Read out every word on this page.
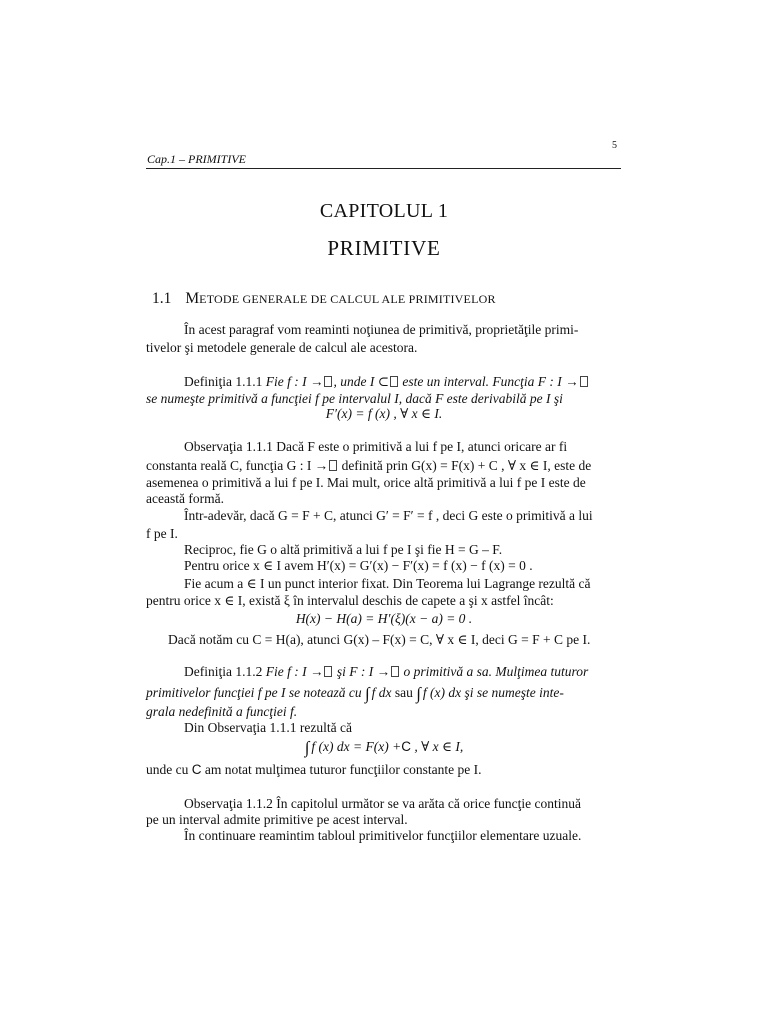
5
Cap.1 – PRIMITIVE
CAPITOLUL 1
PRIMITIVE
1.1 METODE GENERALE DE CALCUL ALE PRIMITIVELOR
În acest paragraf vom reaminti noţiunea de primitivă, proprietăţile primi-
tivelor şi metodele generale de calcul ale acestora.
Definiţia 1.1.1 Fie f : I → , unde I ⊂ este un interval. Funcţia F : I →
se numeşte primitivă a funcţiei f pe intervalul I, dacă F este derivabilă pe I şi
F′(x) = f (x) , ∀ x ∈ I.
Observaţia 1.1.1 Dacă F este o primitivă a lui f pe I, atunci oricare ar fi
constanta reală C, funcţia G : I → definită prin G(x) = F(x) + C , ∀ x ∈ I, este de
asemenea o primitivă a lui f pe I. Mai mult, orice altă primitivă a lui f pe I este de
această formă.
Într-adevăr, dacă G = F + C, atunci G′ = F′ = f , deci G este o primitivă a lui
f pe I.
Reciproc, fie G o altă primitivă a lui f pe I şi fie H = G – F.
Pentru orice x ∈ I avem H′(x) = G′(x) − F′(x) = f (x) − f (x) = 0 .
Fie acum a ∈ I un punct interior fixat. Din Teorema lui Lagrange rezultă că
pentru orice x ∈ I, există ξ în intervalul deschis de capete a şi x astfel încât:
H(x) − H(a) = H′(ξ)(x − a) = 0 .
Dacă notăm cu C = H(a), atunci G(x) – F(x) = C, ∀ x ∈ I, deci G = F + C pe I.
Definiţia 1.1.2 Fie f : I → şi F : I → o primitivă a sa. Mulţimea tuturor
primitivelor funcţiei f pe I se notează cu ∫ f dx sau ∫ f (x) dx şi se numeşte inte-
grala nedefinită a funcţiei f.
Din Observaţia 1.1.1 rezultă că
∫ f (x) dx = F(x) +C , ∀ x ∈ I,
unde cu C am notat mulţimea tuturor funcţiilor constante pe I.
Observaţia 1.1.2 În capitolul următor se va arăta că orice funcţie continuă
pe un interval admite primitive pe acest interval.
În continuare reamintim tabloul primitivelor funcţiilor elementare uzuale.
